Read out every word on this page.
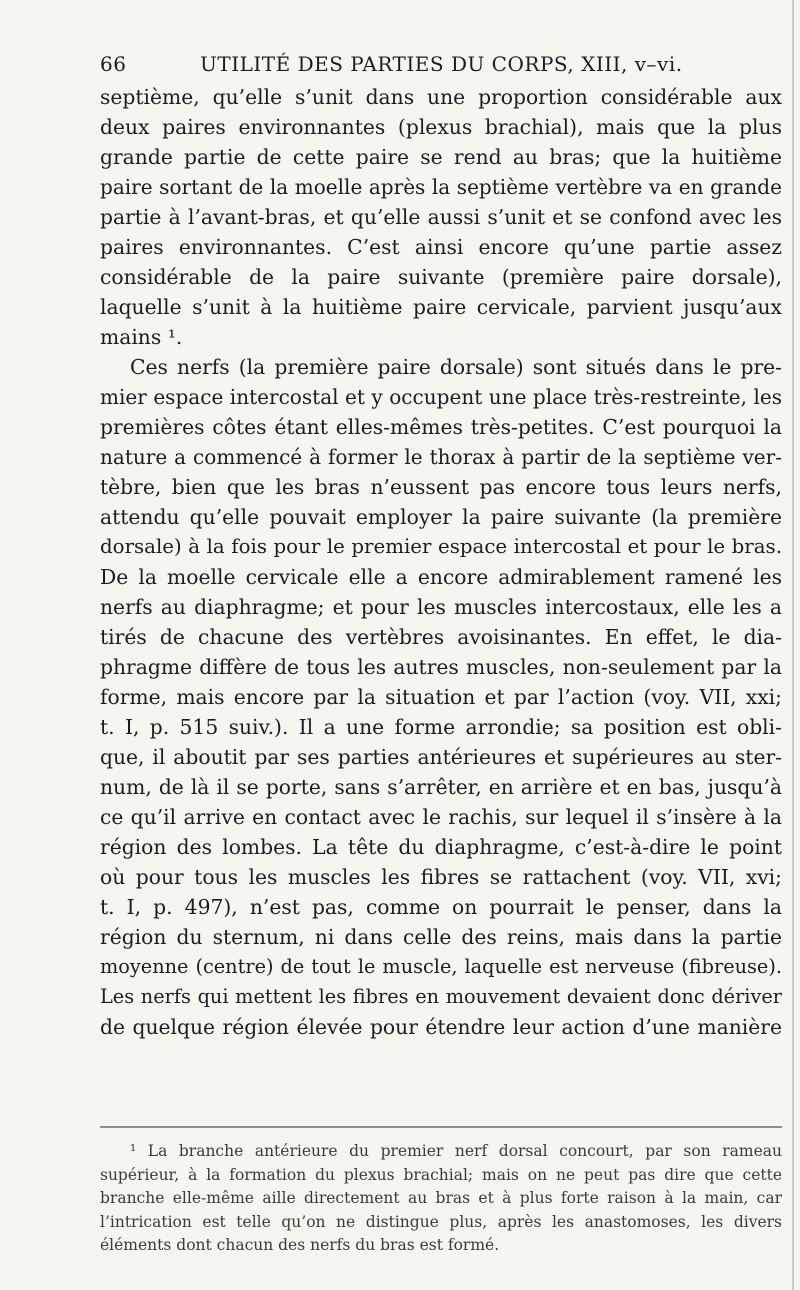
66	UTILITÉ DES PARTIES DU CORPS, XIII, v–vi.
septième, qu’elle s’unit dans une proportion considérable aux
deux paires environnantes (plexus brachial), mais que la plus
grande partie de cette paire se rend au bras; que la huitième
paire sortant de la moelle après la septième vertèbre va en grande
partie à l’avant-bras, et qu’elle aussi s’unit et se confond avec les
paires environnantes. C’est ainsi encore qu’une partie assez
considérable de la paire suivante (première paire dorsale),
laquelle s’unit à la huitième paire cervicale, parvient jusqu’aux
mains ¹.
Ces nerfs (la première paire dorsale) sont situés dans le pre-
mier espace intercostal et y occupent une place très-restreinte, les
premières côtes étant elles-mêmes très-petites. C’est pourquoi la
nature a commencé à former le thorax à partir de la septième ver-
tèbre, bien que les bras n’eussent pas encore tous leurs nerfs,
attendu qu’elle pouvait employer la paire suivante (la première
dorsale) à la fois pour le premier espace intercostal et pour le bras.
De la moelle cervicale elle a encore admirablement ramené les
nerfs au diaphragme; et pour les muscles intercostaux, elle les a
tirés de chacune des vertèbres avoisinantes. En effet, le dia-
phragme diffère de tous les autres muscles, non-seulement par la
forme, mais encore par la situation et par l’action (voy. VII, xxi;
t. I, p. 515 suiv.). Il a une forme arrondie; sa position est obli-
que, il aboutit par ses parties antérieures et supérieures au ster-
num, de là il se porte, sans s’arrêter, en arrière et en bas, jusqu’à
ce qu’il arrive en contact avec le rachis, sur lequel il s’insère à la
région des lombes. La tête du diaphragme, c’est-à-dire le point
où pour tous les muscles les fibres se rattachent (voy. VII, xvi;
t. I, p. 497), n’est pas, comme on pourrait le penser, dans la
région du sternum, ni dans celle des reins, mais dans la partie
moyenne (centre) de tout le muscle, laquelle est nerveuse (fibreuse).
Les nerfs qui mettent les fibres en mouvement devaient donc dériver
de quelque région élevée pour étendre leur action d’une manière
¹ La branche antérieure du premier nerf dorsal concourt, par son rameau
supérieur, à la formation du plexus brachial; mais on ne peut pas dire que cette
branche elle-même aille directement au bras et à plus forte raison à la main, car
l’intrication est telle qu’on ne distingue plus, après les anastomoses, les divers
éléments dont chacun des nerfs du bras est formé.
